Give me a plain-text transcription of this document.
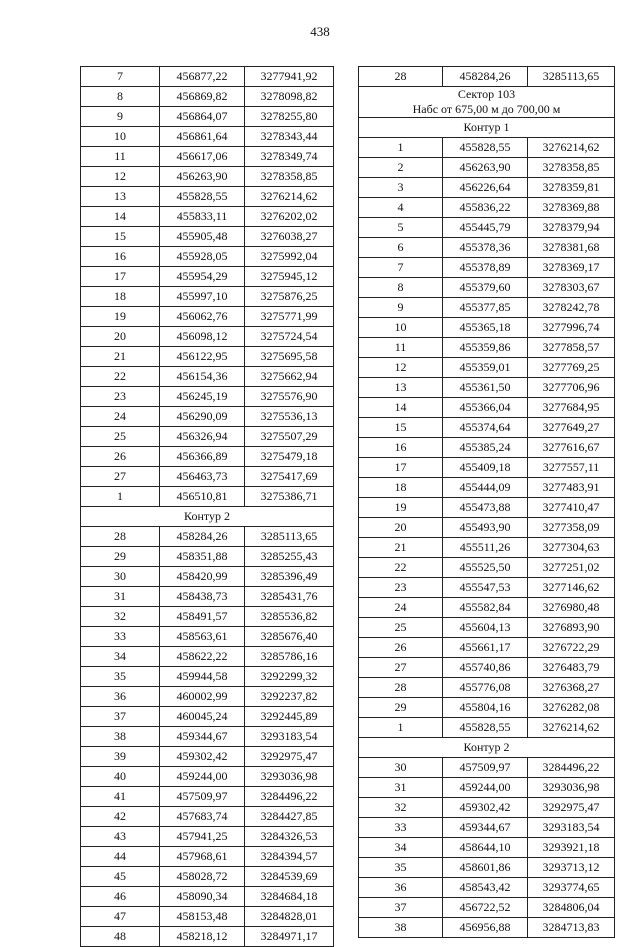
438
7	456877,22	3277941,92
8	456869,82	3278098,82
9	456864,07	3278255,80
10	456861,64	3278343,44
11	456617,06	3278349,74
12	456263,90	3278358,85
13	455828,55	3276214,62
14	455833,11	3276202,02
15	455905,48	3276038,27
16	455928,05	3275992,04
17	455954,29	3275945,12
18	455997,10	3275876,25
19	456062,76	3275771,99
20	456098,12	3275724,54
21	456122,95	3275695,58
22	456154,36	3275662,94
23	456245,19	3275576,90
24	456290,09	3275536,13
25	456326,94	3275507,29
26	456366,89	3275479,18
27	456463,73	3275417,69
1	456510,81	3275386,71

Контур 2		

28	458284,26	3285113,65
29	458351,88	3285255,43
30	458420,99	3285396,49
31	458438,73	3285431,76
32	458491,57	3285536,82
33	458563,61	3285676,40
34	458622,22	3285786,16
35	459944,58	3292299,32
36	460002,99	3292237,82
37	460045,24	3292445,89
38	459344,67	3293183,54
39	459302,42	3292975,47
40	459244,00	3293036,98
41	457509,97	3284496,22
42	457683,74	3284427,85
43	457941,25	3284326,53
44	457968,61	3284394,57
45	458028,72	3284539,69
46	458090,34	3284684,18
47	458153,48	3284828,01
48	458218,12	3284971,17
28	458284,26	3285113,65

Сектор 103
Набс от 675,00 м до 700,00 м		

Контур 1		

1	455828,55	3276214,62
2	456263,90	3278358,85
3	456226,64	3278359,81
4	455836,22	3278369,88
5	455445,79	3278379,94
6	455378,36	3278381,68
7	455378,89	3278369,17
8	455379,60	3278303,67
9	455377,85	3278242,78
10	455365,18	3277996,74
11	455359,86	3277858,57
12	455359,01	3277769,25
13	455361,50	3277706,96
14	455366,04	3277684,95
15	455374,64	3277649,27
16	455385,24	3277616,67
17	455409,18	3277557,11
18	455444,09	3277483,91
19	455473,88	3277410,47
20	455493,90	3277358,09
21	455511,26	3277304,63
22	455525,50	3277251,02
23	455547,53	3277146,62
24	455582,84	3276980,48
25	455604,13	3276893,90
26	455661,17	3276722,29
27	455740,86	3276483,79
28	455776,08	3276368,27
29	455804,16	3276282,08
1	455828,55	3276214,62

Контур 2		

30	457509,97	3284496,22
31	459244,00	3293036,98
32	459302,42	3292975,47
33	459344,67	3293183,54
34	458644,10	3293921,18
35	458601,86	3293713,12
36	458543,42	3293774,65
37	456722,52	3284806,04
38	456956,88	3284713,83
